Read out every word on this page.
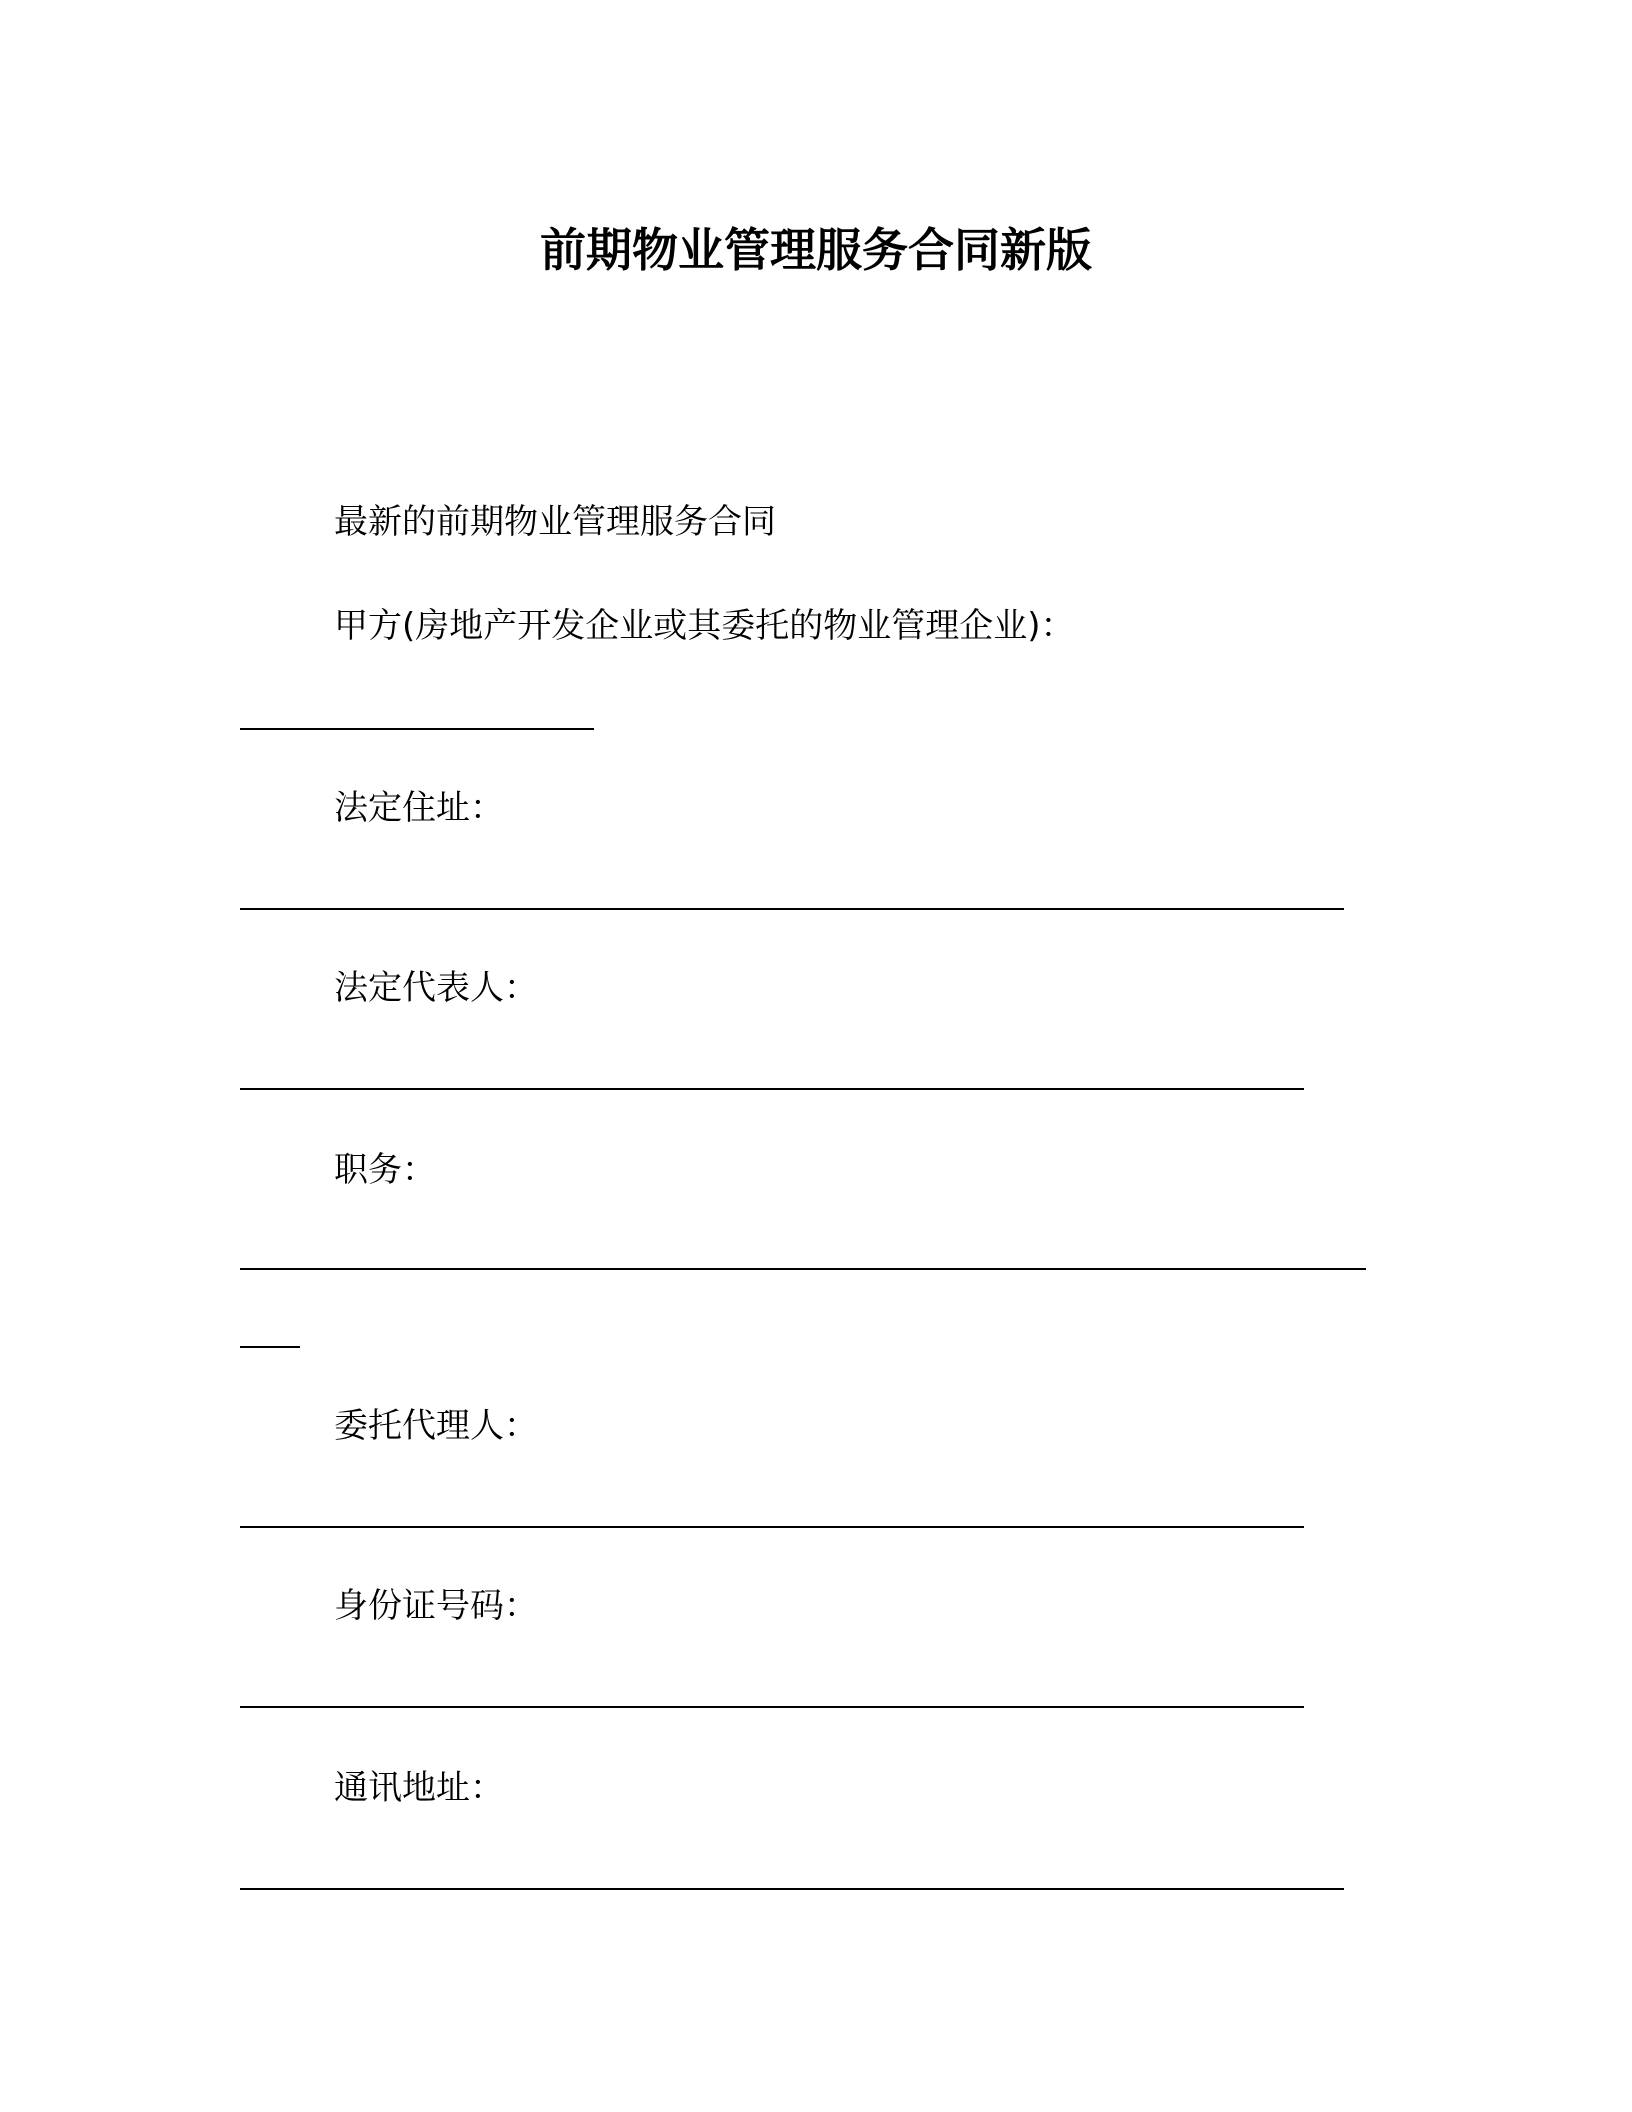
前期物业管理服务合同新版
最新的前期物业管理服务合同
甲方(房地产开发企业或其委托的物业管理企业)：
法定住址：
法定代表人：
职务：
委托代理人：
身份证号码：
通讯地址：
